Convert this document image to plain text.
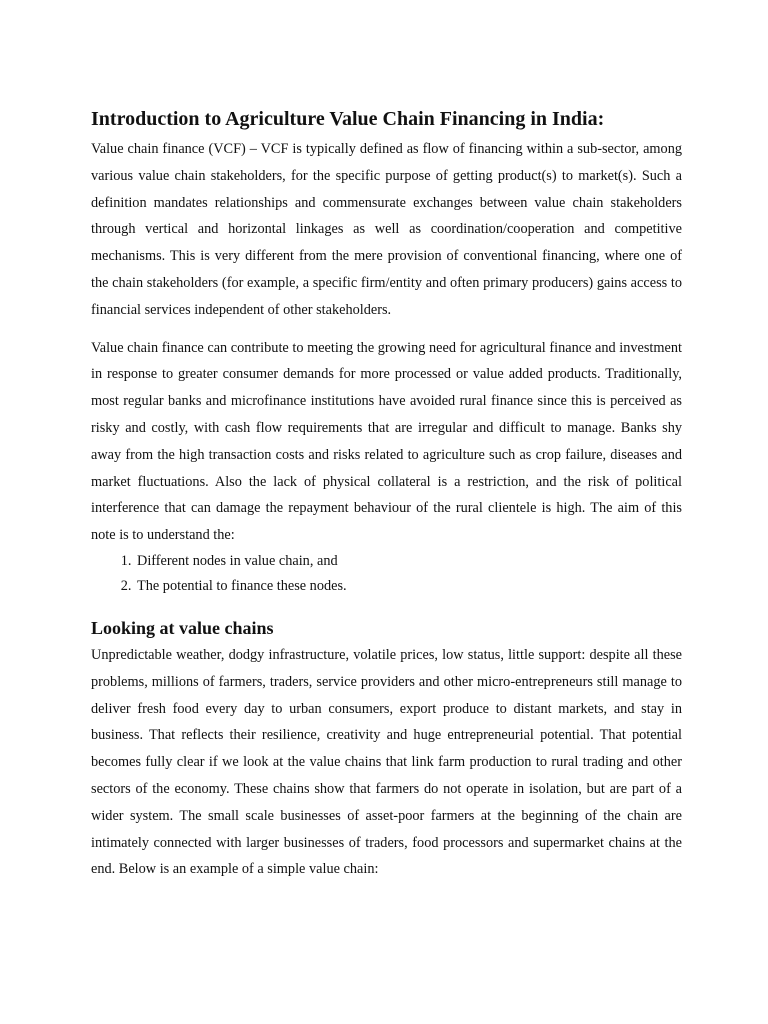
Introduction to Agriculture Value Chain Financing in India:

Value chain finance (VCF) – VCF is typically defined as flow of financing within a sub-sector, among various value chain stakeholders, for the specific purpose of getting product(s) to market(s). Such a definition mandates relationships and commensurate exchanges between value chain stakeholders through vertical and horizontal linkages as well as coordination/cooperation and competitive mechanisms. This is very different from the mere provision of conventional financing, where one of the chain stakeholders (for example, a specific firm/entity and often primary producers) gains access to financial services independent of other stakeholders.

Value chain finance can contribute to meeting the growing need for agricultural finance and investment in response to greater consumer demands for more processed or value added products. Traditionally, most regular banks and microfinance institutions have avoided rural finance since this is perceived as risky and costly, with cash flow requirements that are irregular and difficult to manage. Banks shy away from the high transaction costs and risks related to agriculture such as crop failure, diseases and market fluctuations. Also the lack of physical collateral is a restriction, and the risk of political interference that can damage the repayment behaviour of the rural clientele is high. The aim of this note is to understand the:

1. Different nodes in value chain, and
2. The potential to finance these nodes.
Looking at value chains

Unpredictable weather, dodgy infrastructure, volatile prices, low status, little support: despite all these problems, millions of farmers, traders, service providers and other micro-entrepreneurs still manage to deliver fresh food every day to urban consumers, export produce to distant markets, and stay in business. That reflects their resilience, creativity and huge entrepreneurial potential. That potential becomes fully clear if we look at the value chains that link farm production to rural trading and other sectors of the economy. These chains show that farmers do not operate in isolation, but are part of a wider system. The small scale businesses of asset-poor farmers at the beginning of the chain are intimately connected with larger businesses of traders, food processors and supermarket chains at the end. Below is an example of a simple value chain:
